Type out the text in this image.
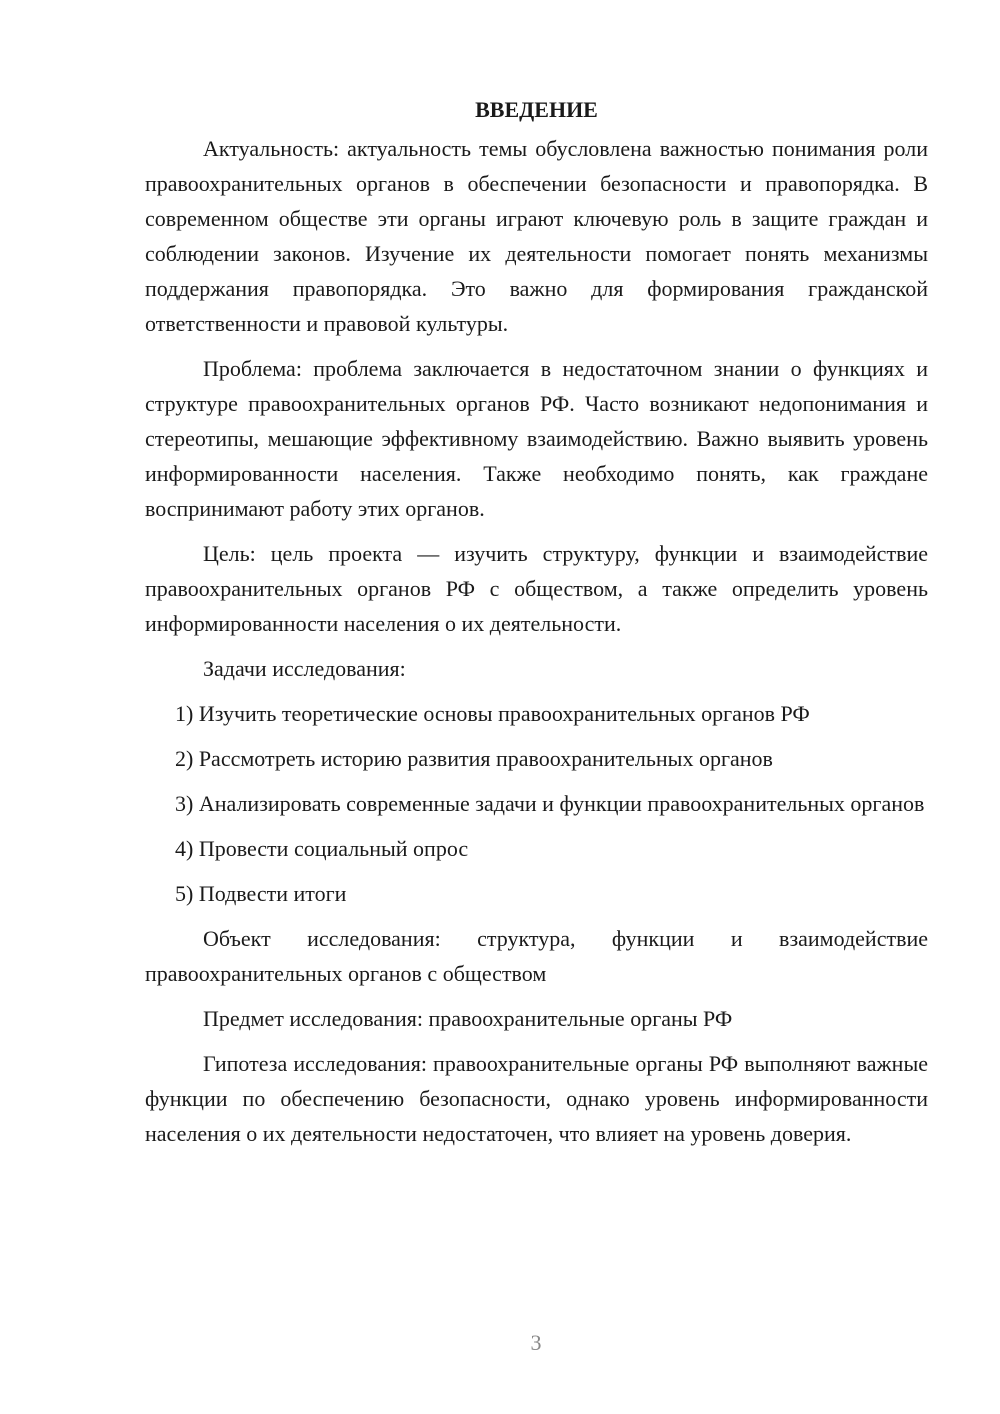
ВВЕДЕНИЕ

Актуальность: актуальность темы обусловлена важностью понимания роли правоохранительных органов в обеспечении безопасности и правопорядка. В современном обществе эти органы играют ключевую роль в защите граждан и соблюдении законов. Изучение их деятельности помогает понять механизмы поддержания правопорядка. Это важно для формирования гражданской ответственности и правовой культуры.

Проблема: проблема заключается в недостаточном знании о функциях и структуре правоохранительных органов РФ. Часто возникают недопонимания и стереотипы, мешающие эффективному взаимодействию. Важно выявить уровень информированности населения. Также необходимо понять, как граждане воспринимают работу этих органов.

Цель: цель проекта — изучить структуру, функции и взаимодействие правоохранительных органов РФ с обществом, а также определить уровень информированности населения о их деятельности.

Задачи исследования:

1) Изучить теоретические основы правоохранительных органов РФ

2) Рассмотреть историю развития правоохранительных органов

3) Анализировать современные задачи и функции правоохранительных органов

4) Провести социальный опрос

5) Подвести итоги

Объект исследования: структура, функции и взаимодействие правоохранительных органов с обществом

Предмет исследования: правоохранительные органы РФ

Гипотеза исследования: правоохранительные органы РФ выполняют важные функции по обеспечению безопасности, однако уровень информированности населения о их деятельности недостаточен, что влияет на уровень доверия.

3
